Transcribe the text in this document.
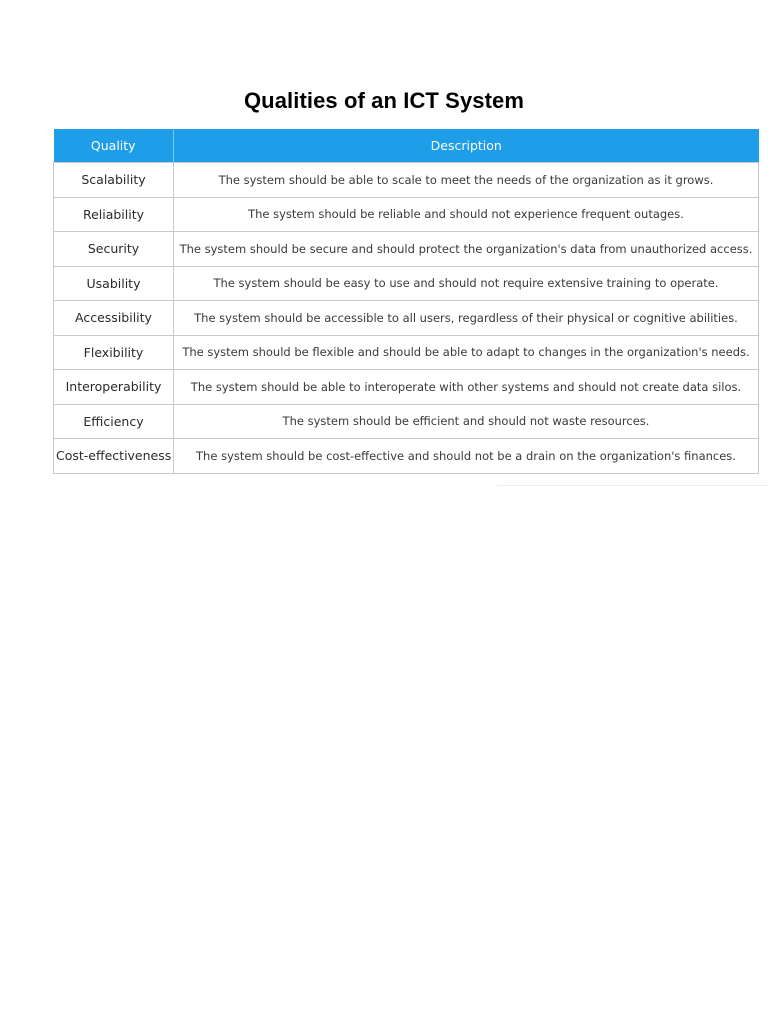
Qualities of an ICT System
Quality	Description
Scalability	The system should be able to scale to meet the needs of the organization as it grows.
Reliability	The system should be reliable and should not experience frequent outages.
Security	The system should be secure and should protect the organization's data from unauthorized access.
Usability	The system should be easy to use and should not require extensive training to operate.
Accessibility	The system should be accessible to all users, regardless of their physical or cognitive abilities.
Flexibility	The system should be flexible and should be able to adapt to changes in the organization's needs.
Interoperability	The system should be able to interoperate with other systems and should not create data silos.
Efficiency	The system should be efficient and should not waste resources.
Cost-effectiveness	The system should be cost-effective and should not be a drain on the organization's finances.
